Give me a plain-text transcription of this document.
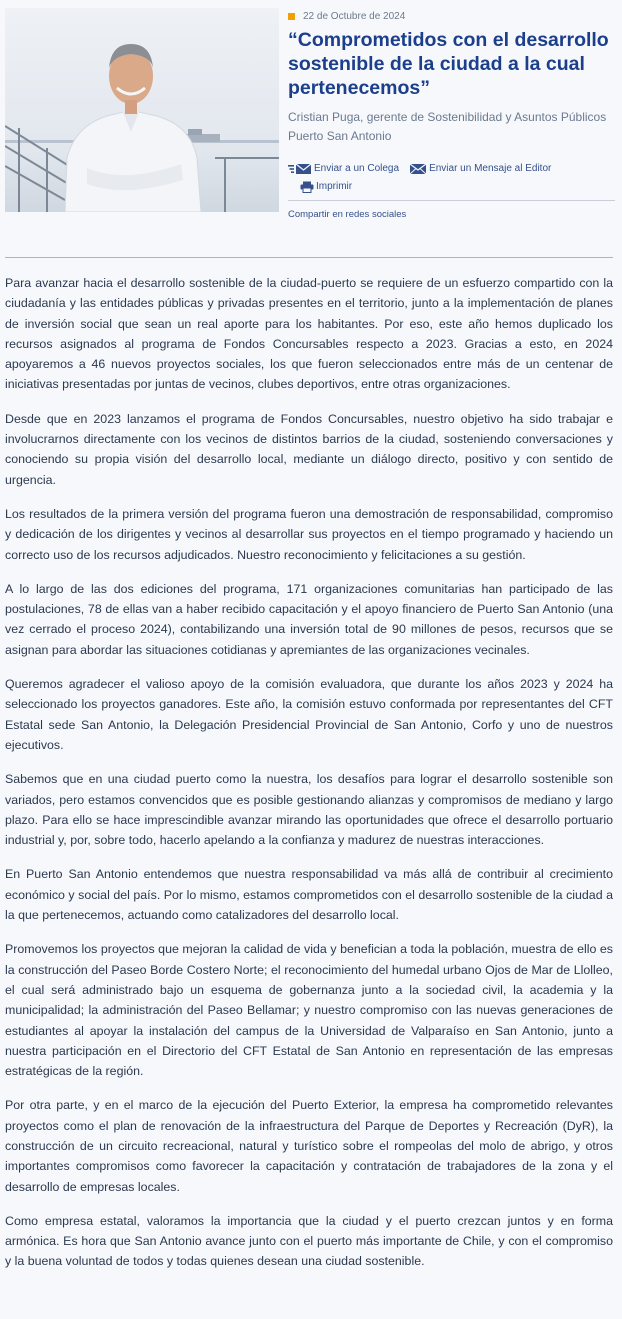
22 de Octubre de 2024
“Comprometidos con el desarrollo sostenible de la ciudad a la cual pertenecemos”
Cristian Puga, gerente de Sostenibilidad y Asuntos Públicos Puerto San Antonio
Enviar a un Colega	Enviar un Mensaje al Editor
Imprimir
Compartir en redes sociales

Para avanzar hacia el desarrollo sostenible de la ciudad-puerto se requiere de un esfuerzo compartido con la ciudadanía y las entidades públicas y privadas presentes en el territorio, junto a la implementación de planes de inversión social que sean un real aporte para los habitantes. Por eso, este año hemos duplicado los recursos asignados al programa de Fondos Concursables respecto a 2023. Gracias a esto, en 2024 apoyaremos a 46 nuevos proyectos sociales, los que fueron seleccionados entre más de un centenar de iniciativas presentadas por juntas de vecinos, clubes deportivos, entre otras organizaciones.

Desde que en 2023 lanzamos el programa de Fondos Concursables, nuestro objetivo ha sido trabajar e involucrarnos directamente con los vecinos de distintos barrios de la ciudad, sosteniendo conversaciones y conociendo su propia visión del desarrollo local, mediante un diálogo directo, positivo y con sentido de urgencia.

Los resultados de la primera versión del programa fueron una demostración de responsabilidad, compromiso y dedicación de los dirigentes y vecinos al desarrollar sus proyectos en el tiempo programado y haciendo un correcto uso de los recursos adjudicados. Nuestro reconocimiento y felicitaciones a su gestión.

A lo largo de las dos ediciones del programa, 171 organizaciones comunitarias han participado de las postulaciones, 78 de ellas van a haber recibido capacitación y el apoyo financiero de Puerto San Antonio (una vez cerrado el proceso 2024), contabilizando una inversión total de 90 millones de pesos, recursos que se asignan para abordar las situaciones cotidianas y apremiantes de las organizaciones vecinales.

Queremos agradecer el valioso apoyo de la comisión evaluadora, que durante los años 2023 y 2024 ha seleccionado los proyectos ganadores. Este año, la comisión estuvo conformada por representantes del CFT Estatal sede San Antonio, la Delegación Presidencial Provincial de San Antonio, Corfo y uno de nuestros ejecutivos.

Sabemos que en una ciudad puerto como la nuestra, los desafíos para lograr el desarrollo sostenible son variados, pero estamos convencidos que es posible gestionando alianzas y compromisos de mediano y largo plazo. Para ello se hace imprescindible avanzar mirando las oportunidades que ofrece el desarrollo portuario industrial y, por, sobre todo, hacerlo apelando a la confianza y madurez de nuestras interacciones.

En Puerto San Antonio entendemos que nuestra responsabilidad va más allá de contribuir al crecimiento económico y social del país. Por lo mismo, estamos comprometidos con el desarrollo sostenible de la ciudad a la que pertenecemos, actuando como catalizadores del desarrollo local.

Promovemos los proyectos que mejoran la calidad de vida y benefician a toda la población, muestra de ello es la construcción del Paseo Borde Costero Norte; el reconocimiento del humedal urbano Ojos de Mar de Llolleo, el cual será administrado bajo un esquema de gobernanza junto a la sociedad civil, la academia y la municipalidad; la administración del Paseo Bellamar; y nuestro compromiso con las nuevas generaciones de estudiantes al apoyar la instalación del campus de la Universidad de Valparaíso en San Antonio, junto a nuestra participación en el Directorio del CFT Estatal de San Antonio en representación de las empresas estratégicas de la región.

Por otra parte, y en el marco de la ejecución del Puerto Exterior, la empresa ha comprometido relevantes proyectos como el plan de renovación de la infraestructura del Parque de Deportes y Recreación (DyR), la construcción de un circuito recreacional, natural y turístico sobre el rompeolas del molo de abrigo, y otros importantes compromisos como favorecer la capacitación y contratación de trabajadores de la zona y el desarrollo de empresas locales.

Como empresa estatal, valoramos la importancia que la ciudad y el puerto crezcan juntos y en forma armónica. Es hora que San Antonio avance junto con el puerto más importante de Chile, y con el compromiso y la buena voluntad de todos y todas quienes desean una ciudad sostenible.
